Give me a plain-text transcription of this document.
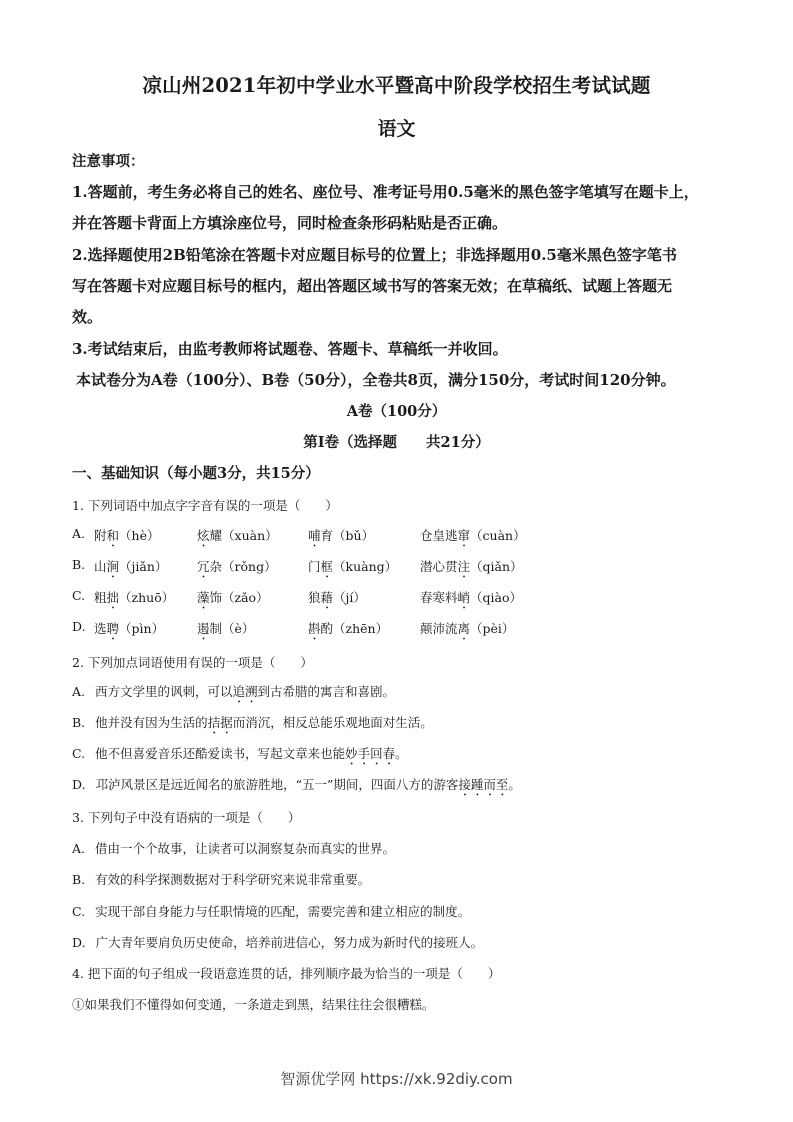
凉山州2021年初中学业水平暨高中阶段学校招生考试试题
语文
注意事项：
1.答题前，考生务必将自己的姓名、座位号、准考证号用0.5毫米的黑色签字笔填写在题卡上，
并在答题卡背面上方填涂座位号，同时检查条形码粘贴是否正确。
2.选择题使用2B铅笔涂在答题卡对应题目标号的位置上；非选择题用0.5毫米黑色签字笔书
写在答题卡对应题目标号的框内，超出答题区域书写的答案无效；在草稿纸、试题上答题无
效。
3.考试结束后，由监考教师将试题卷、答题卡、草稿纸一并收回。
本试卷分为A卷（100分）、B卷（50分），全卷共8页，满分150分，考试时间120分钟。
A卷（100分）
第Ⅰ卷（选择题　　共21分）
一、基础知识（每小题3分，共15分）
1. 下列词语中加点字字音有误的一项是（　　）
A. 附和（hè）	炫耀（xuàn） 哺育（bǔ）	仓皇逃窜（cuàn）
B. 山涧（jiǎn） 冗杂（rǒng）	门框（kuàng） 潜心贯注（qiǎn）
C. 粗拙（zhuō） 藻饰（zǎo）	狼藉（jí）	春寒料峭（qiào）
D. 选聘（pìn）	遏制（è）	斟酌（zhēn）	颠沛流离（pèi）
2. 下列加点词语使用有误的一项是（　　）
A. 西方文学里的讽刺，可以追溯到古希腊的寓言和喜剧。
B. 他并没有因为生活的拮据而消沉，相反总能乐观地面对生活。
C. 他不但喜爱音乐还酷爱读书，写起文章来也能妙手回春。
D. 邛泸风景区是远近闻名的旅游胜地，“五一”期间，四面八方的游客接踵而至。
3. 下列句子中没有语病的一项是（　　）
A. 借由一个个故事，让读者可以洞察复杂而真实的世界。
B. 有效的科学探测数据对于科学研究来说非常重要。
C. 实现干部自身能力与任职情境的匹配，需要完善和建立相应的制度。
D. 广大青年要肩负历史使命，培养前进信心，努力成为新时代的接班人。
4. 把下面的句子组成一段语意连贯的话，排列顺序最为恰当的一项是（　　）
①如果我们不懂得如何变通，一条道走到黑，结果往往会很糟糕。
智源优学网 https://xk.92diy.com
